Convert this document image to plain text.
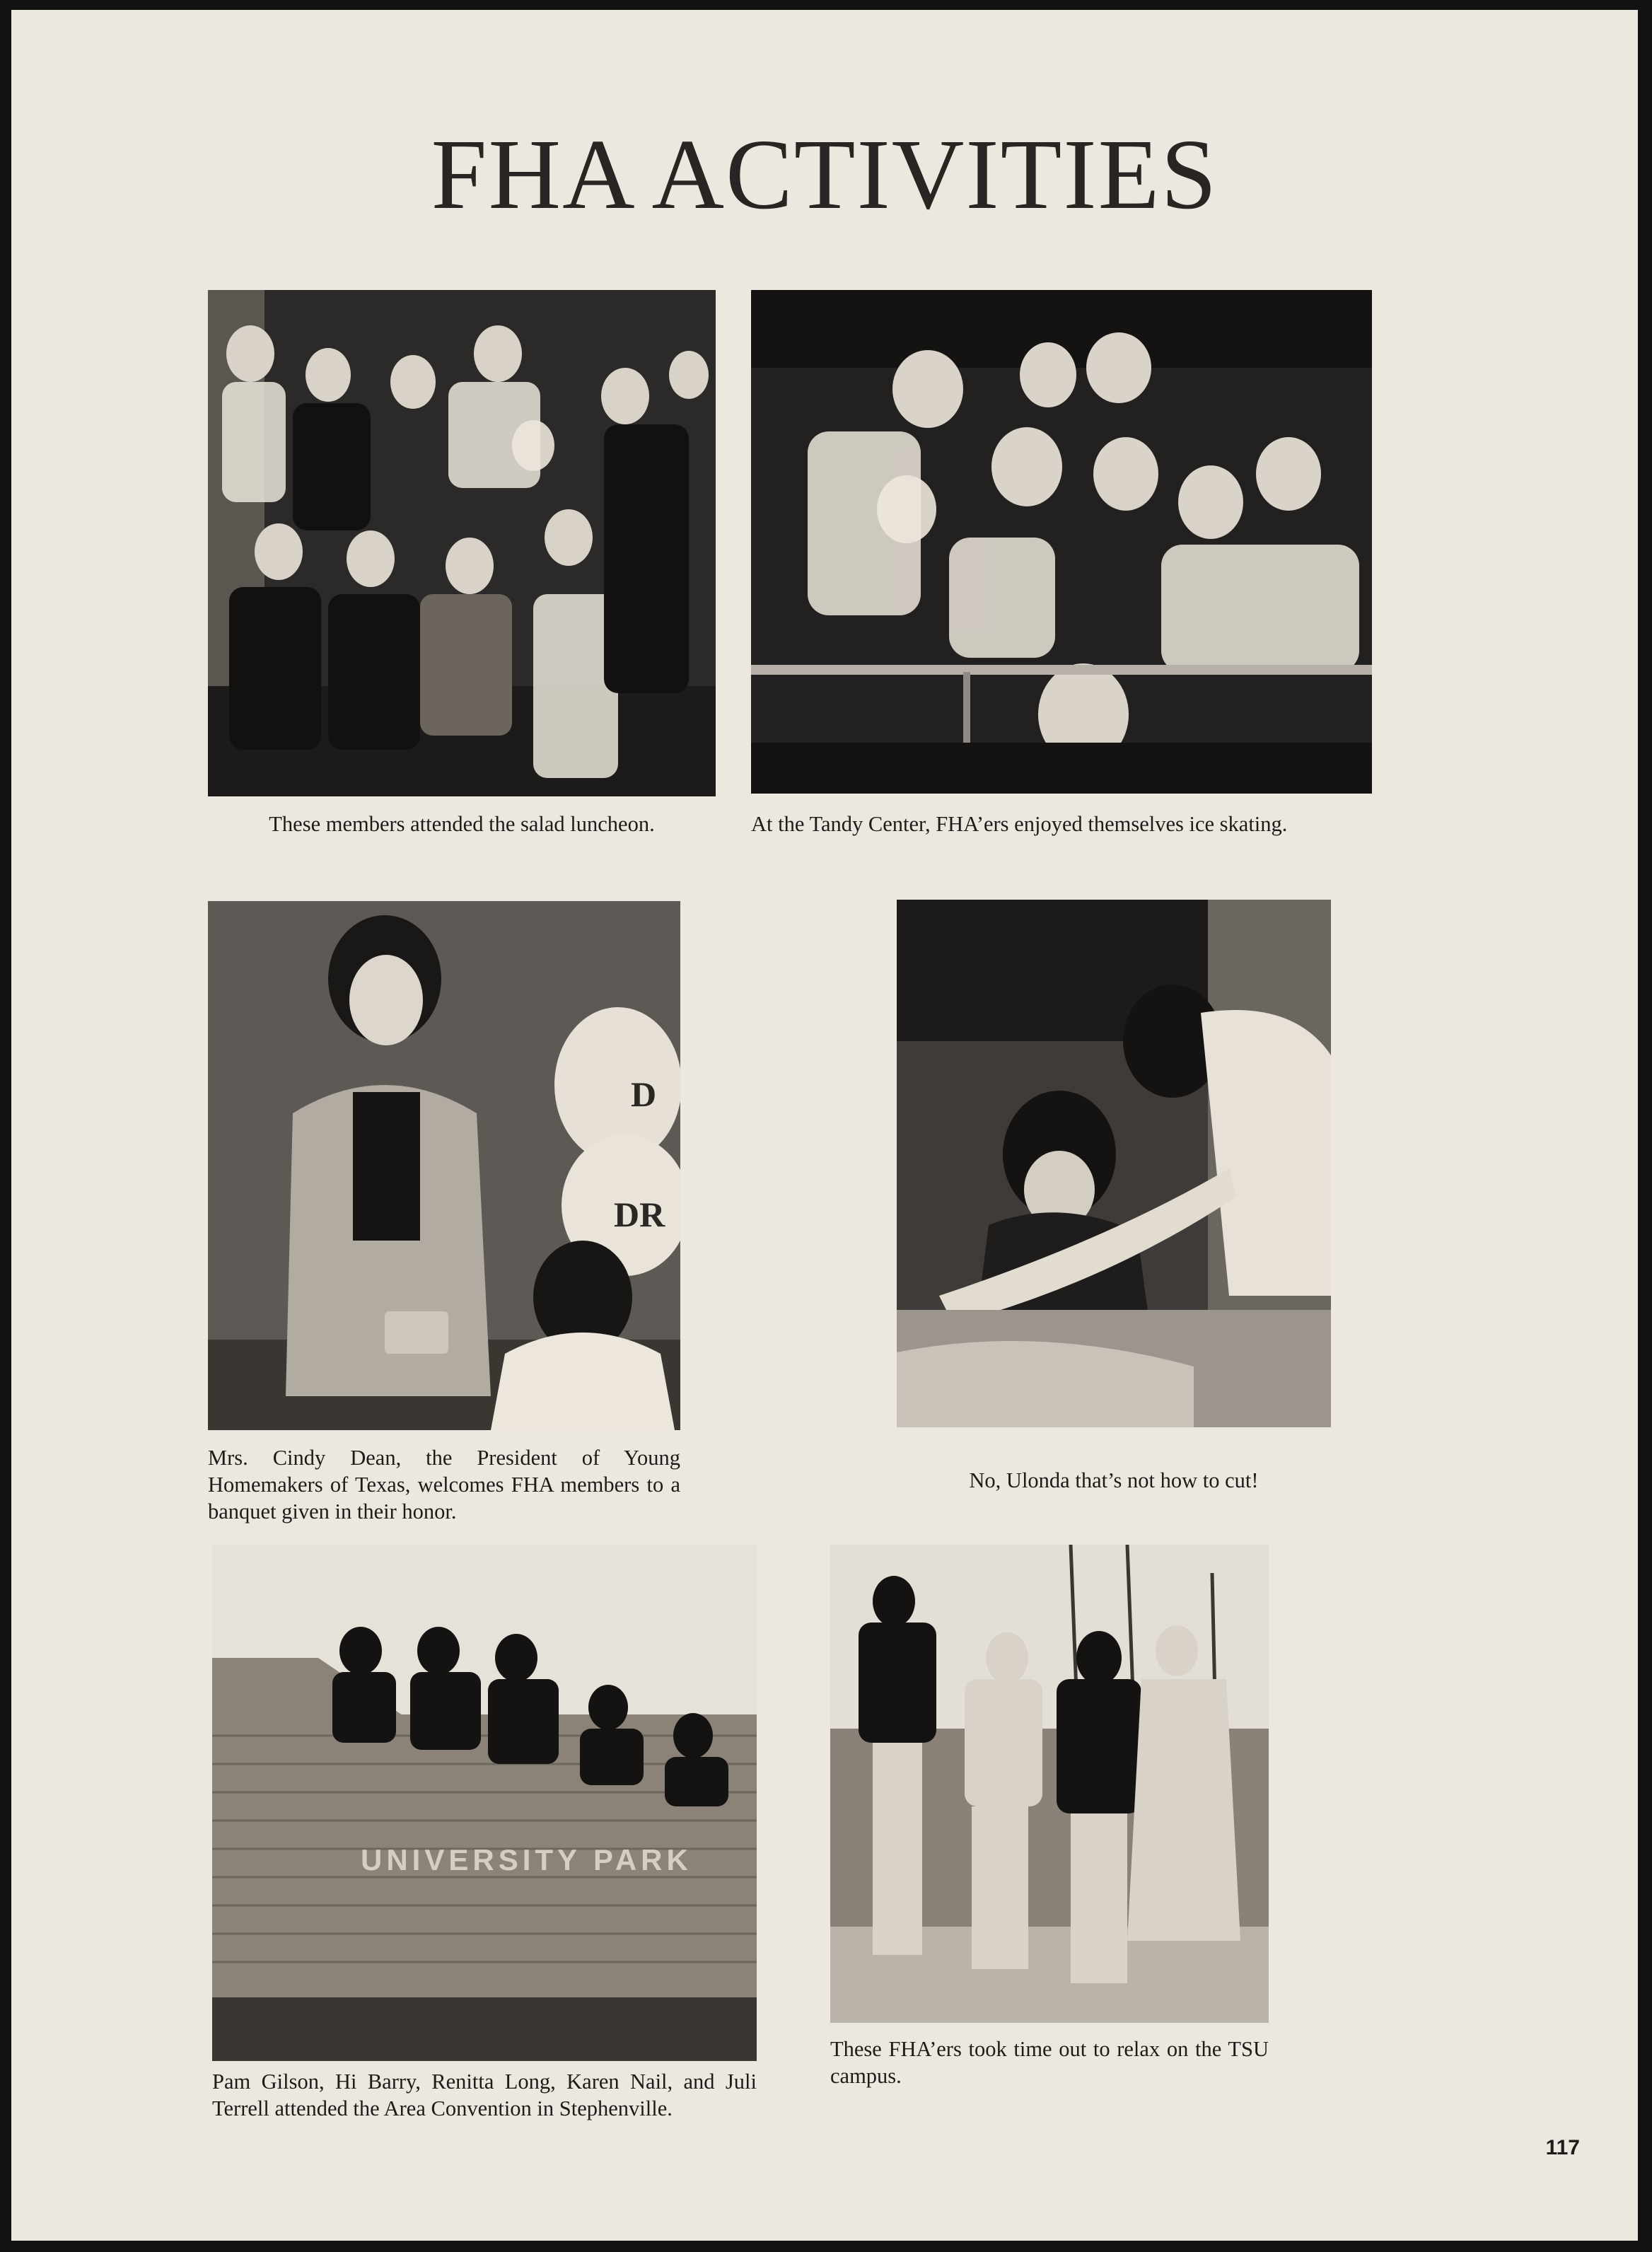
FHA ACTIVITIES

These members attended the salad luncheon.	At the Tandy Center, FHA’ers enjoyed themselves ice skating.

D
DR

Mrs. Cindy Dean, the President of Young Homemakers of Texas, welcomes FHA members to a banquet given in their honor.

No, Ulonda that’s not how to cut!

UNIVERSITY PARK

Pam Gilson, Hi Barry, Renitta Long, Karen Nail, and Juli Terrell attended the Area Convention in Stephenville.

These FHA’ers took time out to relax on the TSU campus.

117
